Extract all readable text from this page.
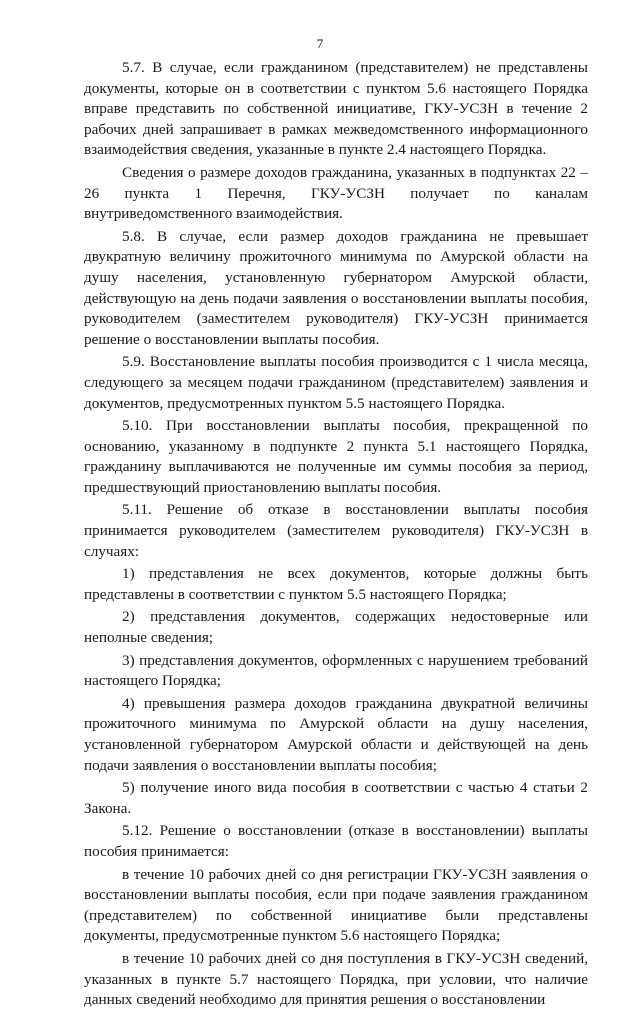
7

5.7. В случае, если гражданином (представителем) не представлены документы, которые он в соответствии с пунктом 5.6 настоящего Порядка вправе представить по собственной инициативе, ГКУ-УСЗН в течение 2 рабочих дней запрашивает в рамках межведомственного информационного взаимодействия сведения, указанные в пункте 2.4 настоящего Порядка.

Сведения о размере доходов гражданина, указанных в подпунктах 22 – 26 пункта 1 Перечня, ГКУ-УСЗН получает по каналам внутриведомственного взаимодействия.

5.8. В случае, если размер доходов гражданина не превышает двукратную величину прожиточного минимума по Амурской области на душу населения, установленную губернатором Амурской области, действующую на день подачи заявления о восстановлении выплаты пособия, руководителем (заместителем руководителя) ГКУ-УСЗН принимается решение о восстановлении выплаты пособия.

5.9. Восстановление выплаты пособия производится с 1 числа месяца, следующего за месяцем подачи гражданином (представителем) заявления и документов, предусмотренных пунктом 5.5 настоящего Порядка.

5.10. При восстановлении выплаты пособия, прекращенной по основанию, указанному в подпункте 2 пункта 5.1 настоящего Порядка, гражданину выплачиваются не полученные им суммы пособия за период, предшествующий приостановлению выплаты пособия.

5.11. Решение об отказе в восстановлении выплаты пособия принимается руководителем (заместителем руководителя) ГКУ-УСЗН в случаях:

1) представления не всех документов, которые должны быть представлены в соответствии с пунктом 5.5 настоящего Порядка;

2) представления документов, содержащих недостоверные или неполные сведения;

3) представления документов, оформленных с нарушением требований настоящего Порядка;

4) превышения размера доходов гражданина двукратной величины прожиточного минимума по Амурской области на душу населения, установленной губернатором Амурской области и действующей на день подачи заявления о восстановлении выплаты пособия;

5) получение иного вида пособия в соответствии с частью 4 статьи 2 Закона.

5.12. Решение о восстановлении (отказе в восстановлении) выплаты пособия принимается:

в течение 10 рабочих дней со дня регистрации ГКУ-УСЗН заявления о восстановлении выплаты пособия, если при подаче заявления гражданином (представителем) по собственной инициативе были представлены документы, предусмотренные пунктом 5.6 настоящего Порядка;

в течение 10 рабочих дней со дня поступления в ГКУ-УСЗН сведений, указанных в пункте 5.7 настоящего Порядка, при условии, что наличие данных сведений необходимо для принятия решения о восстановлении
